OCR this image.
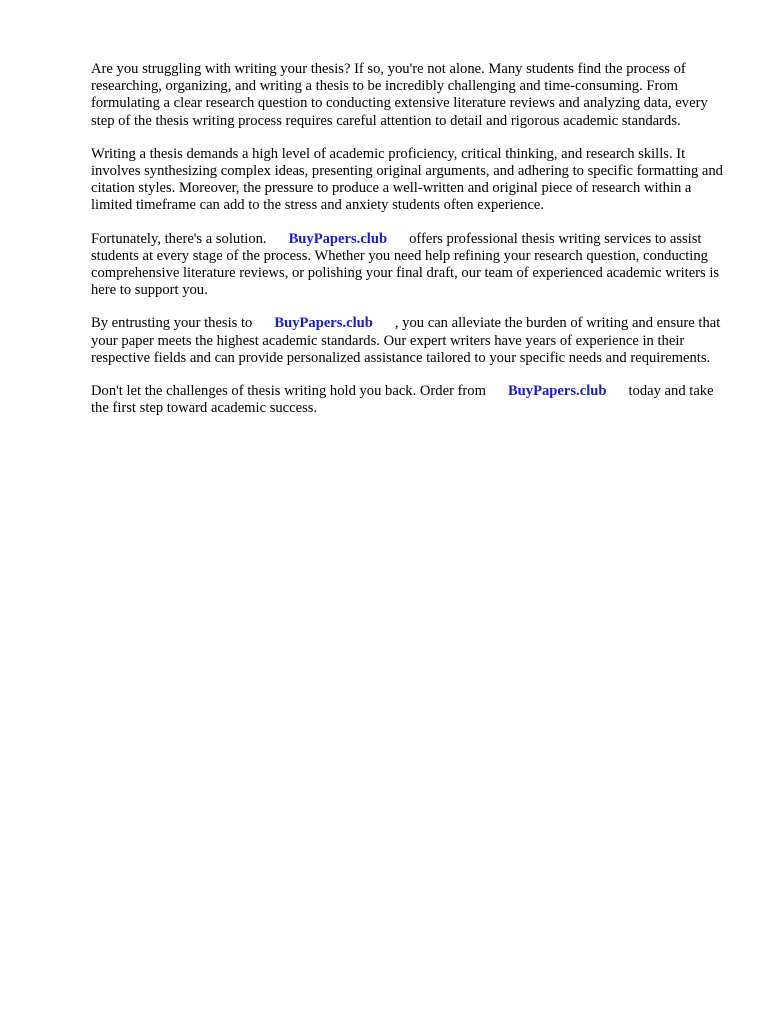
Are you struggling with writing your thesis? If so, you're not alone. Many students find the process of researching, organizing, and writing a thesis to be incredibly challenging and time-consuming. From formulating a clear research question to conducting extensive literature reviews and analyzing data, every step of the thesis writing process requires careful attention to detail and rigorous academic standards.

Writing a thesis demands a high level of academic proficiency, critical thinking, and research skills. It involves synthesizing complex ideas, presenting original arguments, and adhering to specific formatting and citation styles. Moreover, the pressure to produce a well-written and original piece of research within a limited timeframe can add to the stress and anxiety students often experience.

Fortunately, there's a solution. BuyPapers.club offers professional thesis writing services to assist students at every stage of the process. Whether you need help refining your research question, conducting comprehensive literature reviews, or polishing your final draft, our team of experienced academic writers is here to support you.

By entrusting your thesis to BuyPapers.club , you can alleviate the burden of writing and ensure that your paper meets the highest academic standards. Our expert writers have years of experience in their respective fields and can provide personalized assistance tailored to your specific needs and requirements.

Don't let the challenges of thesis writing hold you back. Order from BuyPapers.club today and take the first step toward academic success.
